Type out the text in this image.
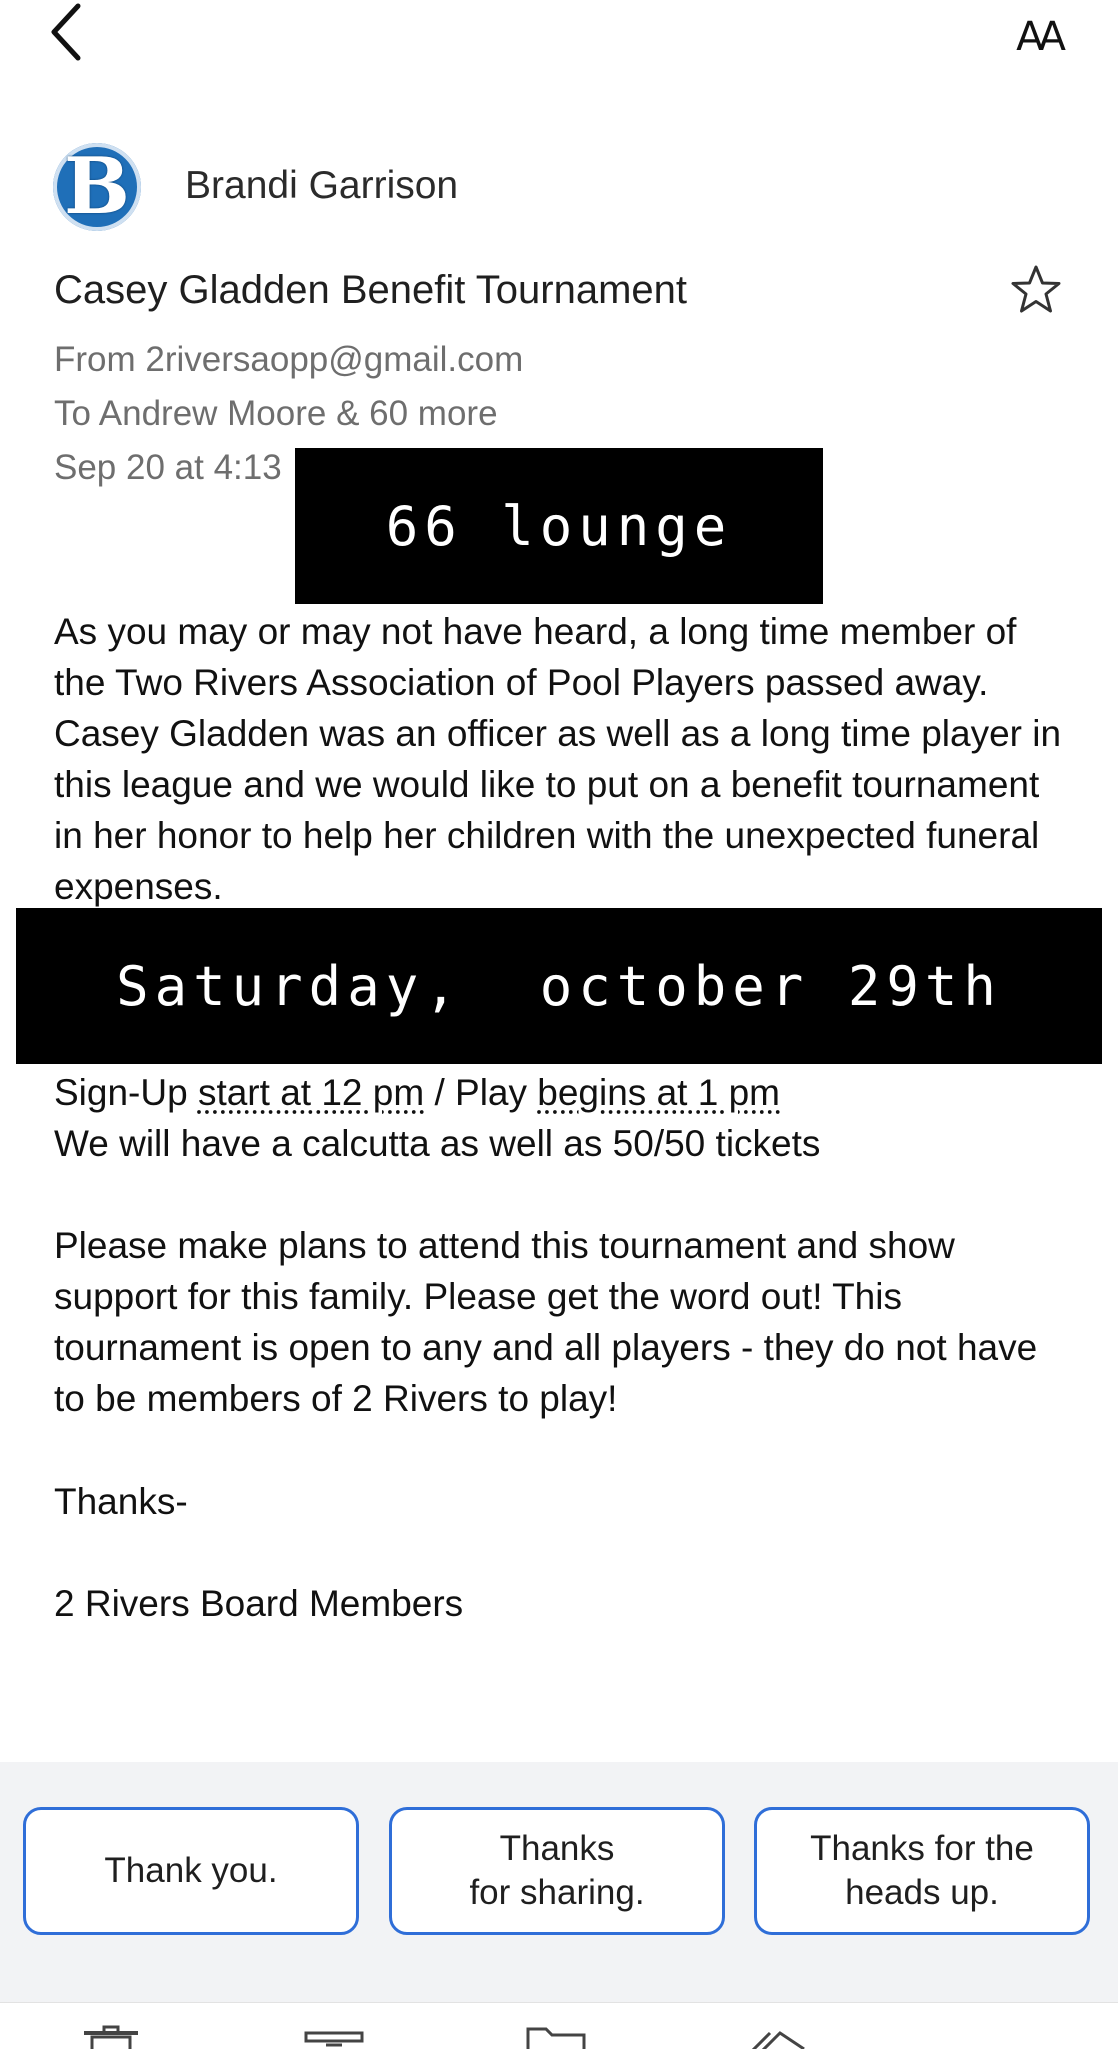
AA
B Brandi Garrison
Casey Gladden Benefit Tournament
From 2riversaopp@gmail.com
To Andrew Moore & 60 more
Sep 20 at 4:13
66 lounge
As you may or may not have heard, a long time member of the Two Rivers Association of Pool Players passed away. Casey Gladden was an officer as well as a long time player in this league and we would like to put on a benefit tournament in her honor to help her children with the unexpected funeral expenses.
Saturday,  october 29th
Sign-Up start at 12 pm / Play begins at 1 pm
We will have a calcutta as well as 50/50 tickets
Please make plans to attend this tournament and show support for this family. Please get the word out! This tournament is open to any and all players - they do not have to be members of 2 Rivers to play!
Thanks-
2 Rivers Board Members
Thank you.
Thanks
for sharing.
Thanks for the
heads up.
